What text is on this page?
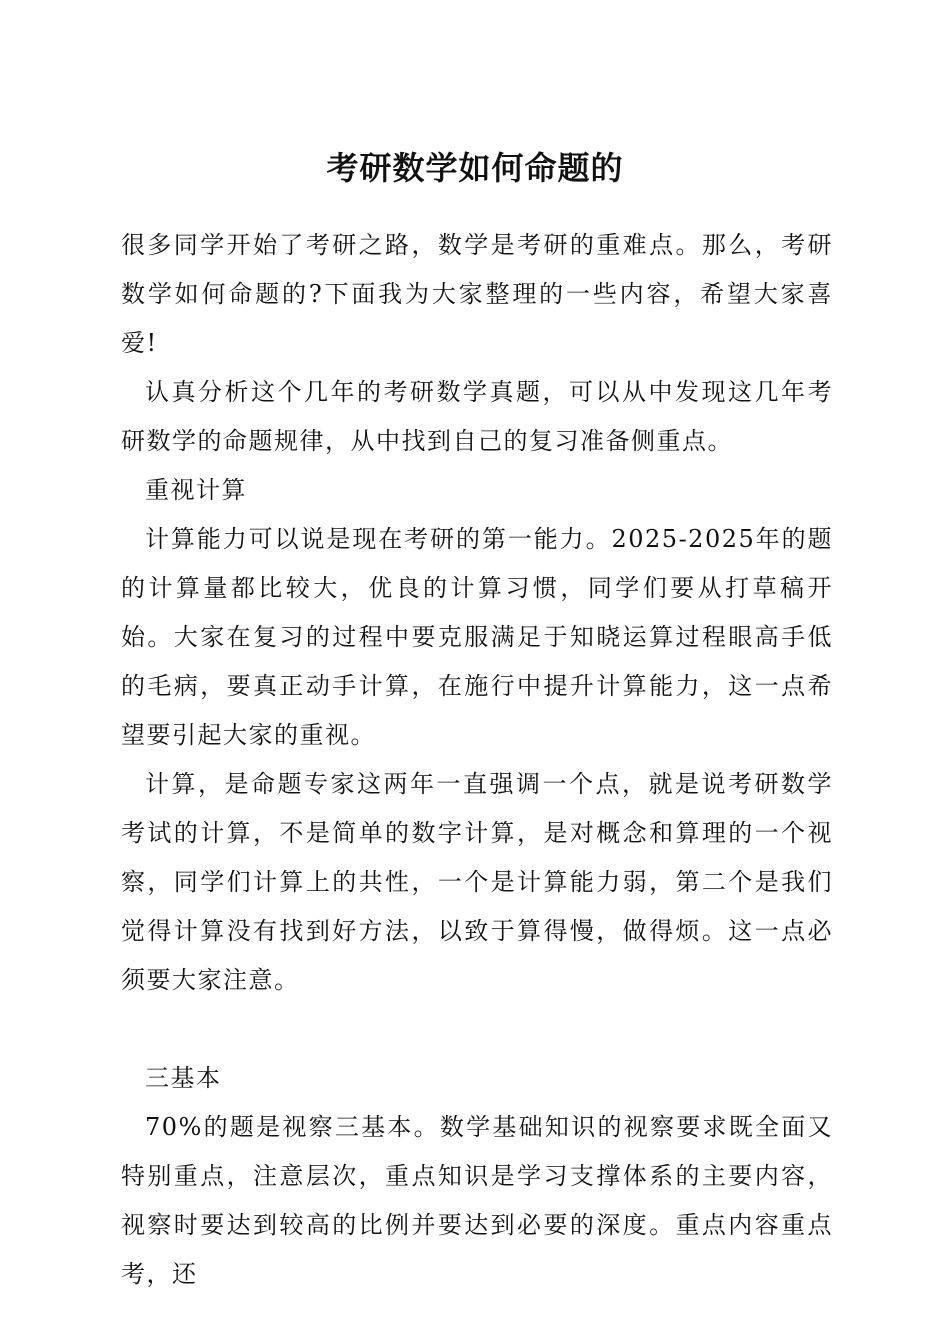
考研数学如何命题的

很多同学开始了考研之路，数学是考研的重难点。那么，考研数学如何命题的?下面我为大家整理的一些内容，希望大家喜爱!

认真分析这个几年的考研数学真题，可以从中发现这几年考研数学的命题规律，从中找到自己的复习准备侧重点。

重视计算

计算能力可以说是现在考研的第一能力。2025-2025年的题的计算量都比较大，优良的计算习惯，同学们要从打草稿开始。大家在复习的过程中要克服满足于知晓运算过程眼高手低的毛病，要真正动手计算，在施行中提升计算能力，这一点希望要引起大家的重视。

计算，是命题专家这两年一直强调一个点，就是说考研数学考试的计算，不是简单的数字计算，是对概念和算理的一个视察，同学们计算上的共性，一个是计算能力弱，第二个是我们觉得计算没有找到好方法，以致于算得慢，做得烦。这一点必须要大家注意。

三基本

70%的题是视察三基本。数学基础知识的视察要求既全面又特别重点，注意层次，重点知识是学习支撑体系的主要内容，视察时要达到较高的比例并要达到必要的深度。重点内容重点考，还
